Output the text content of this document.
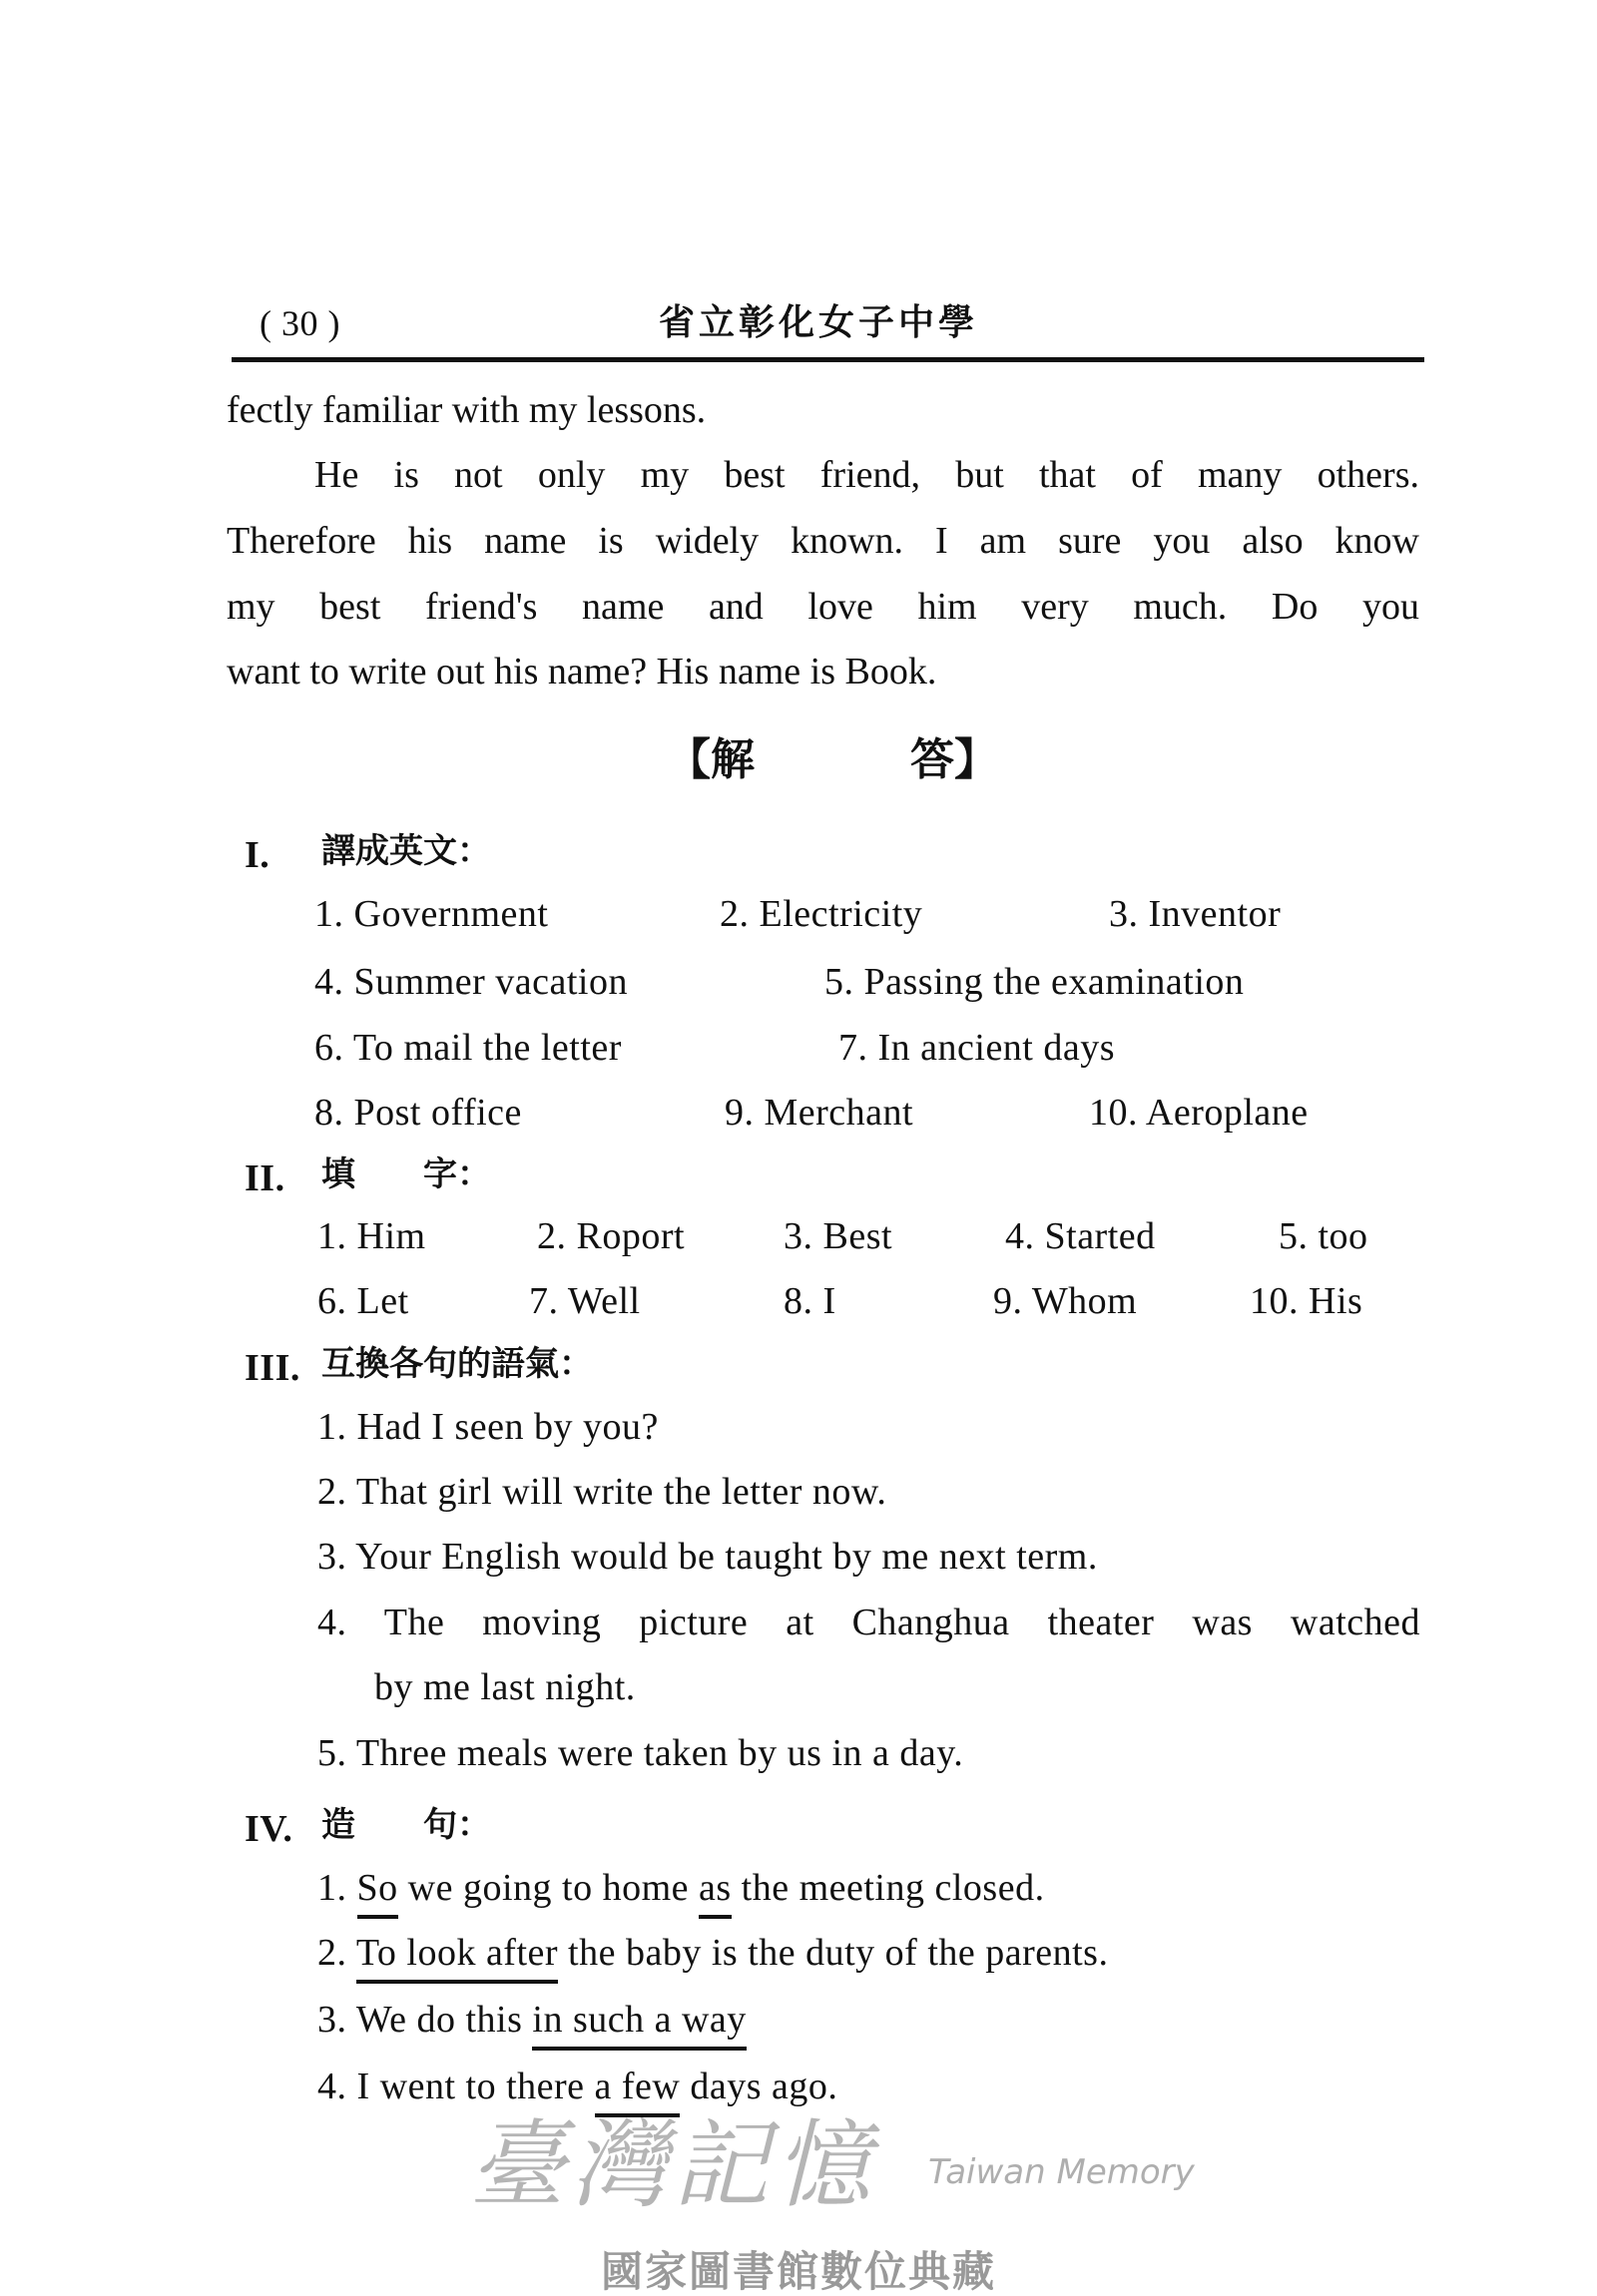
( 30 )	省立彰化女子中學
fectly familiar with my lessons.
He is not only my best friend, but that of many others.
Therefore his name is widely known. I am sure you also know
my best friend's name and love him very much. Do you
want to write out his name? His name is Book.
【解	答】
I. 譯成英文：
1. Government	2. Electricity	3. Inventor
4. Summer vacation	5. Passing the examination
6. To mail the letter	7. In ancient days
8. Post office	9. Merchant	10. Aeroplane
II. 填　　字：
1. Him	2. Roport	3. Best	4. Started	5. too
6. Let	7. Well	8. I	9. Whom	10. His
III. 互換各句的語氣：
1. Had I seen by you?
2. That girl will write the letter now.
3. Your English would be taught by me next term.
4. The moving picture at Changhua theater was watched
by me last night.
5. Three meals were taken by us in a day.
IV. 造　　句：
1. So we going to home as the meeting closed.
2. To look after the baby is the duty of the parents.
3. We do this in such a way
4. I went to there a few days ago.
臺灣記憶 Taiwan Memory
國家圖書館數位典藏
